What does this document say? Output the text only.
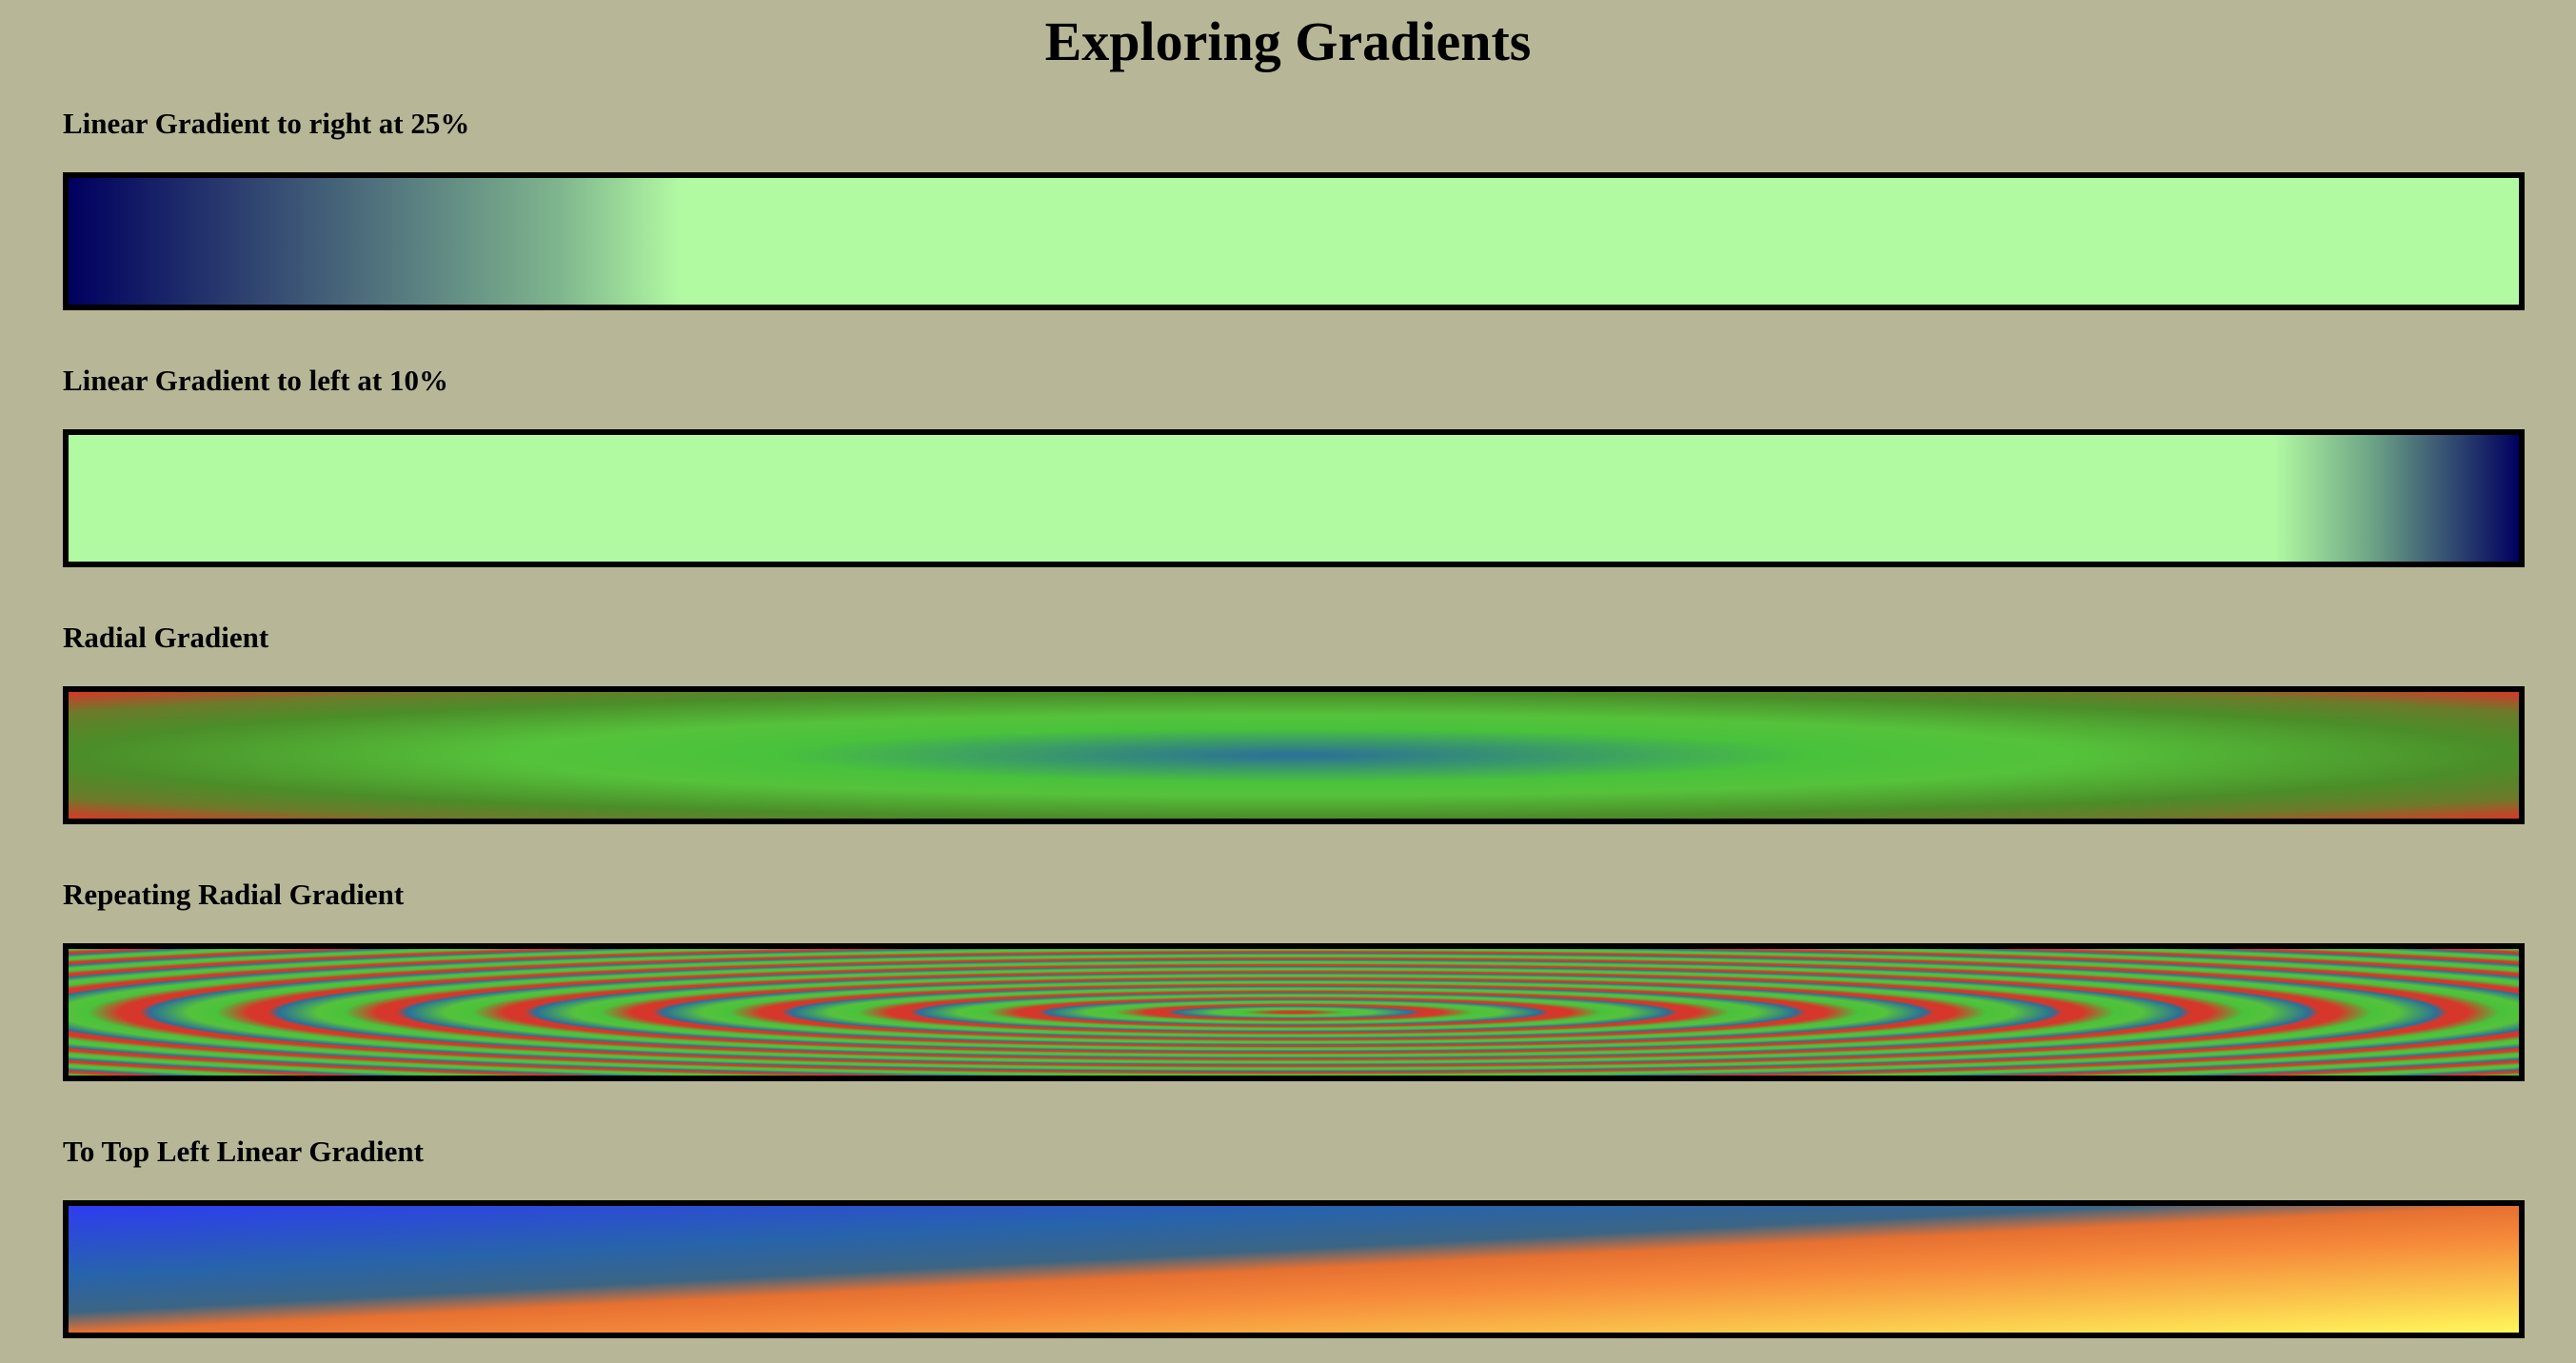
Exploring Gradients
Linear Gradient to right at 25%
Linear Gradient to left at 10%
Radial Gradient
Repeating Radial Gradient
To Top Left Linear Gradient
